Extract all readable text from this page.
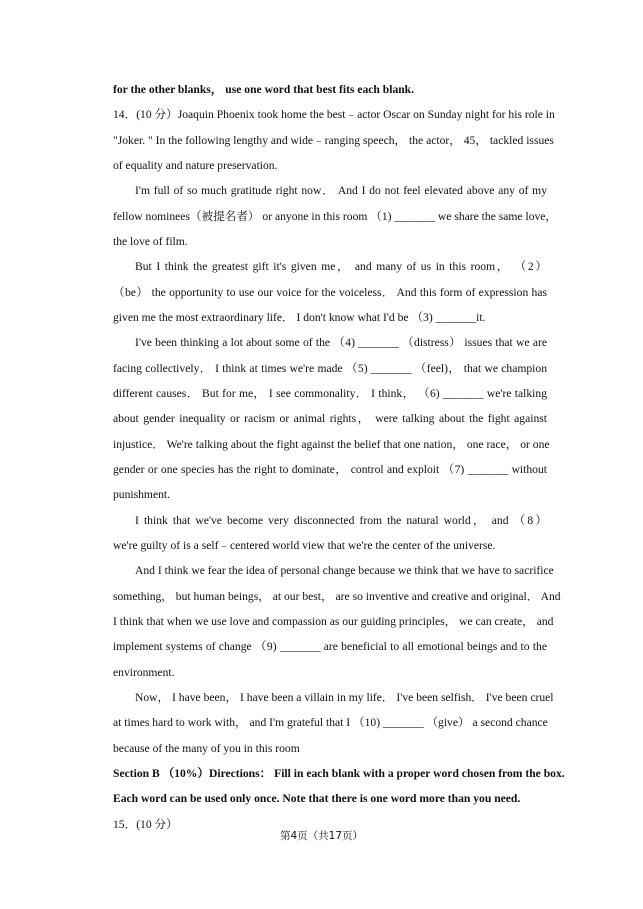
for the other blanks， use one word that best fits each blank.
14．(10 分）Joaquin Phoenix took home the best﹣actor Oscar on Sunday night for his role in
"Joker. " In the following lengthy and wide﹣ranging speech， the actor， 45， tackled issues
of equality and nature preservation.
I'm full of so much gratitude right now． And I do not feel elevated above any of my
fellow nominees（被提名者） or anyone in this room （1) _______ we share the same love，
the love of film.
But I think the greatest gift it's given me， and many of us in this room， （2）
（be） the opportunity to use our voice for the voiceless． And this form of expression has
given me the most extraordinary life． I don't know what I'd be （3) _______it.
I've been thinking a lot about some of the （4) _______ （distress） issues that we are
facing collectively． I think at times we're made （5) _______ （feel)， that we champion
different causes． But for me， I see commonality． I think， （6) _______ we're talking
about gender inequality or racism or animal rights， were talking about the fight against
injustice． We're talking about the fight against the belief that one nation， one race， or one
gender or one species has the right to dominate， control and exploit （7) _______ without
punishment.
I think that we've become very disconnected from the natural world， and （8）
we're guilty of is a self﹣centered world view that we're the center of the universe.
And I think we fear the idea of personal change because we think that we have to sacrifice
something， but human beings， at our best， are so inventive and creative and original． And
I think that when we use love and compassion as our guiding principles， we can create， and
implement systems of change （9) _______ are beneficial to all emotional beings and to the
environment.
Now， I have been， I have been a villain in my life． I've been selfish． I've been cruel
at times hard to work with， and I'm grateful that I （10) _______ （give） a second chance
because of the many of you in this room
Section B （10%）Directions： Fill in each blank with a proper word chosen from the box.
Each word can be used only once. Note that there is one word more than you need.
15．(10 分）
第4页（共17页）
